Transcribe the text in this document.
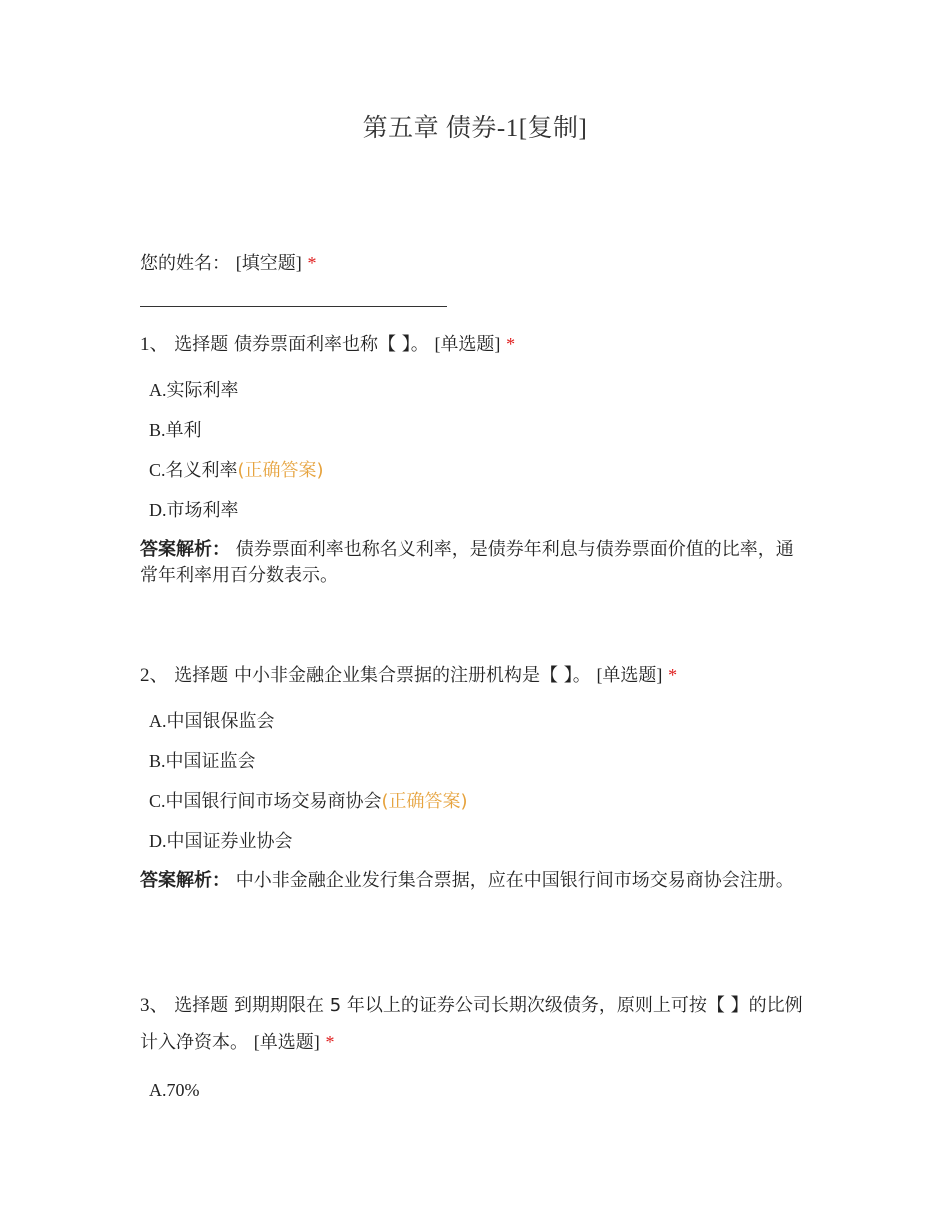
第五章 债券-1[复制]
您的姓名： [填空题] *
1、 选择题 债券票面利率也称【 】。 [单选题] *
A.实际利率
B.单利
C.名义利率(正确答案)
D.市场利率
答案解析： 债券票面利率也称名义利率，是债券年利息与债券票面价值的比率，通常年利率用百分数表示。
2、 选择题 中小非金融企业集合票据的注册机构是【 】。 [单选题] *
A.中国银保监会
B.中国证监会
C.中国银行间市场交易商协会(正确答案)
D.中国证券业协会
答案解析： 中小非金融企业发行集合票据，应在中国银行间市场交易商协会注册。
3、 选择题 到期期限在 5 年以上的证券公司长期次级债务，原则上可按【 】的比例计入净资本。 [单选题] *
A.70%
